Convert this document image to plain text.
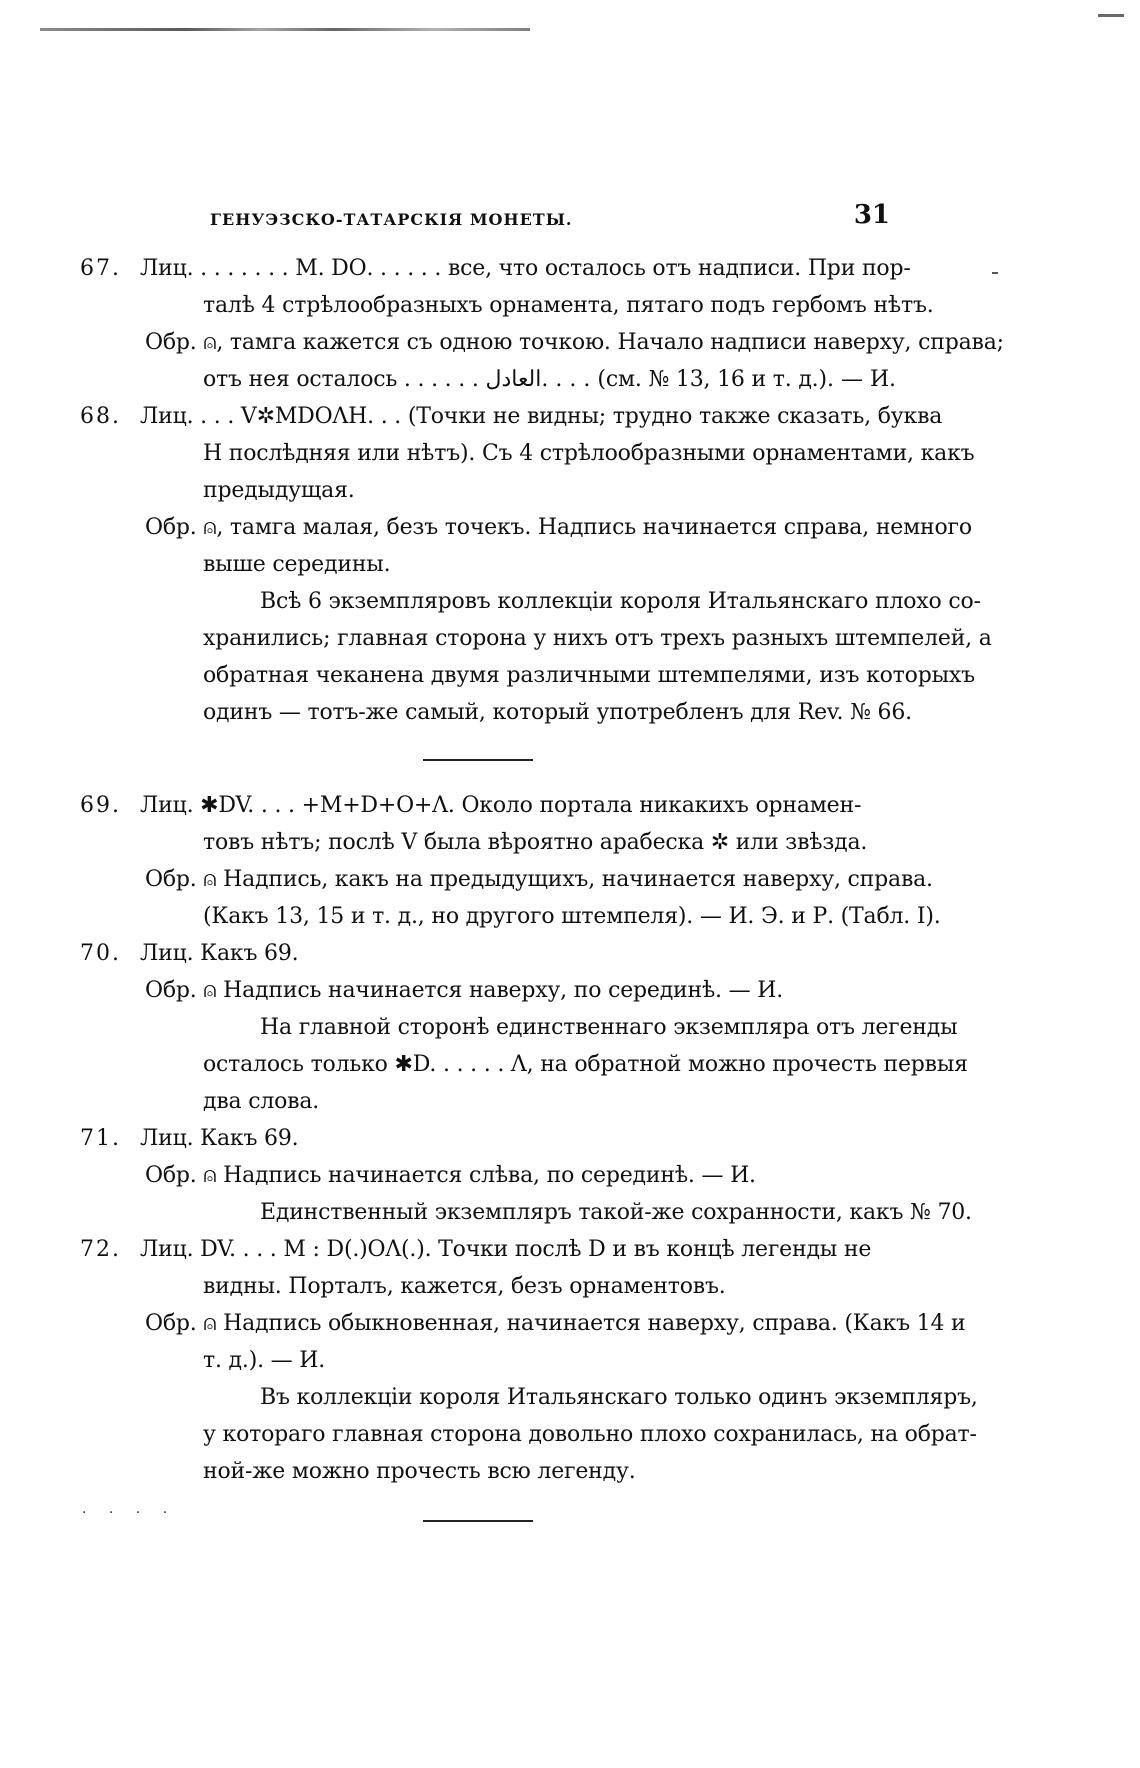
ГЕНУЭЗСКО-ТАТАРСКІЯ МОНЕТЫ.	31
67. Лиц. . . . . . . . М. DО. . . . . . все, что осталось отъ надписи. При пор-
талѣ 4 стрѣлообразныхъ орнамента, пятаго подъ гербомъ нѣтъ.
Обр. ⍝, тамга кажется съ одною точкою. Начало надписи наверху, справа;
отъ нея осталось . . . . . . العادل. . . . (см. № 13, 16 и т. д.). — И.
68. Лиц. . . . V✲MDОΛH. . . (Точки не видны; трудно также сказать, буква
H послѣдняя или нѣтъ). Съ 4 стрѣлообразными орнаментами, какъ
предыдущая.
Обр. ⍝, тамга малая, безъ точекъ. Надпись начинается справа, немного
выше середины.
Всѣ 6 экземпляровъ коллекціи короля Итальянскаго плохо со-
хранились; главная сторона у нихъ отъ трехъ разныхъ штемпелей, а
обратная чеканена двумя различными штемпелями, изъ которыхъ
одинъ — тотъ-же самый, который употребленъ для Rev. № 66.
69. Лиц. ✱DV. . . . +M+D+О+Λ. Около портала никакихъ орнамен-
товъ нѣтъ; послѣ V была вѣроятно арабеска ✲ или звѣзда.
Обр. ⍝ Надпись, какъ на предыдущихъ, начинается наверху, справа.
(Какъ 13, 15 и т. д., но другого штемпеля). — И. Э. и Р. (Табл. I).
70. Лиц. Какъ 69.
Обр. ⍝ Надпись начинается наверху, по серединѣ. — И.
На главной сторонѣ единственнаго экземпляра отъ легенды
осталось только ✱D. . . . . . Λ, на обратной можно прочесть первыя
два слова.
71. Лиц. Какъ 69.
Обр. ⍝ Надпись начинается слѣва, по серединѣ. — И.
Единственный экземпляръ такой-же сохранности, какъ № 70.
72. Лиц. DV. . . . M : D(.)ОΛ(.). Точки послѣ D и въ концѣ легенды не
видны. Порталъ, кажется, безъ орнаментовъ.
Обр. ⍝ Надпись обыкновенная, начинается наверху, справа. (Какъ 14 и
т. д.). — И.
Въ коллекціи короля Итальянскаго только одинъ экземпляръ,
у котораго главная сторона довольно плохо сохранилась, на обрат-
ной-же можно прочесть всю легенду.
· · · ·
